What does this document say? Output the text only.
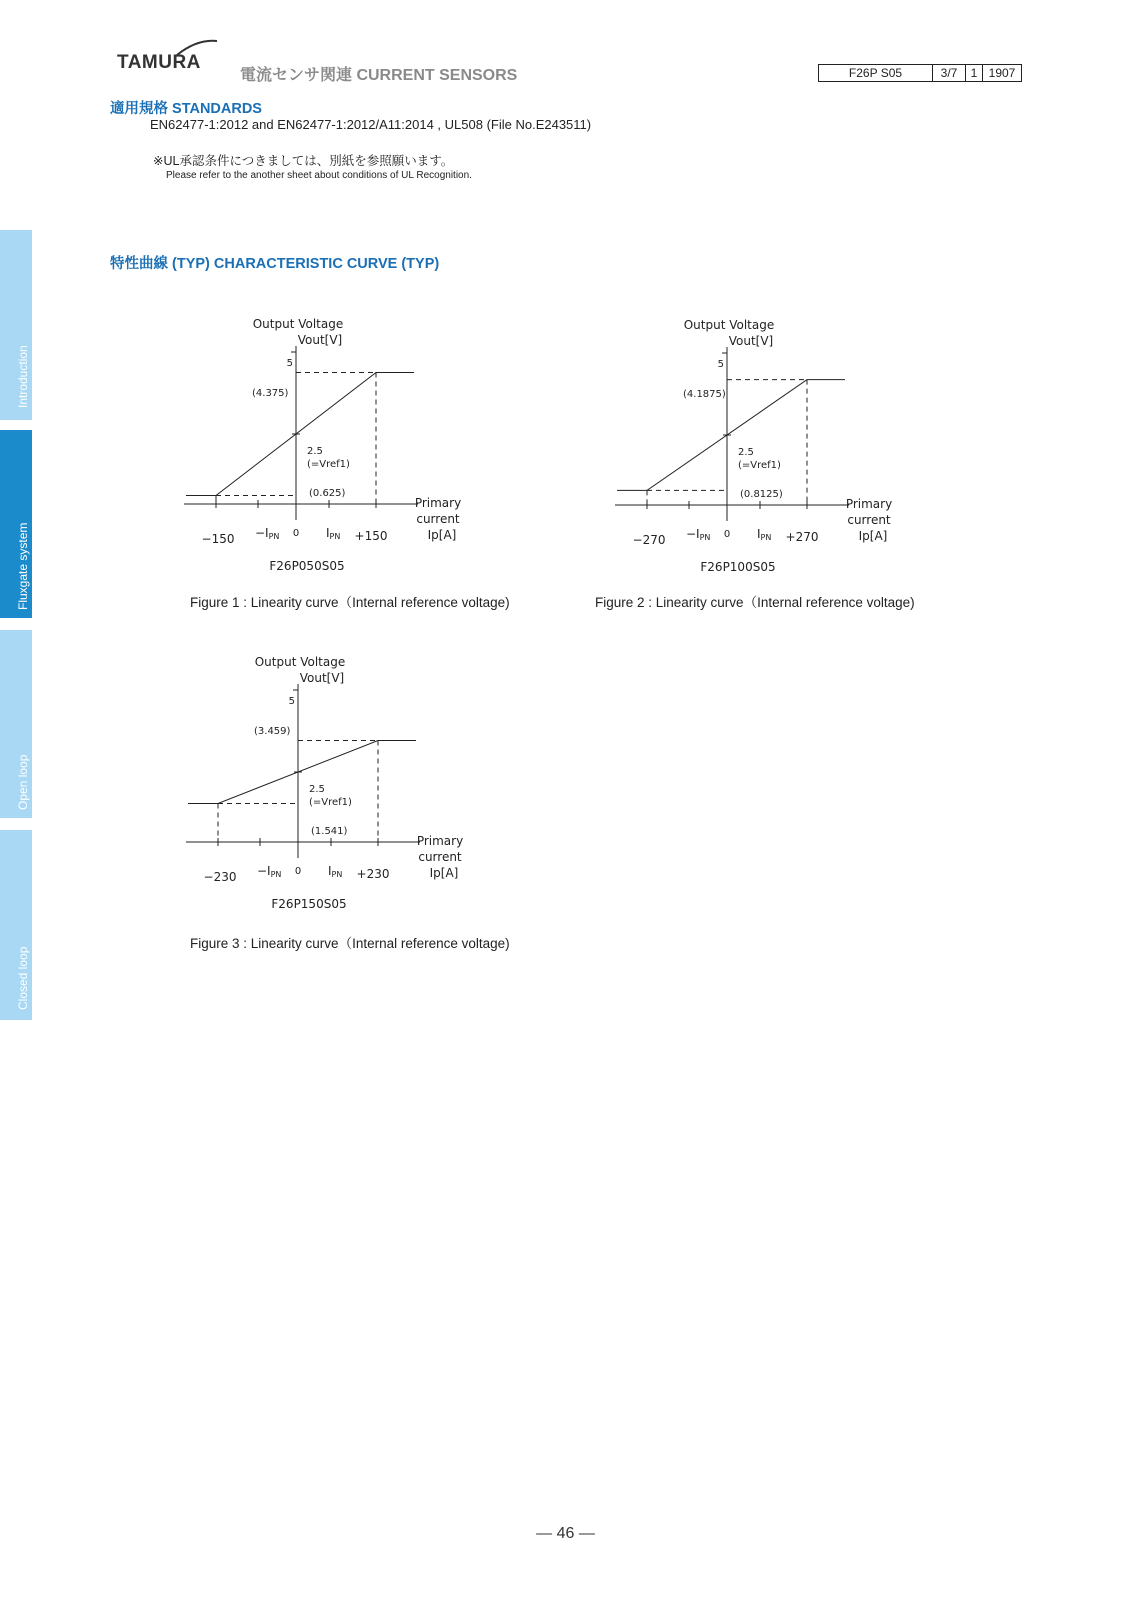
TAMURA
電流センサ関連 CURRENT SENSORS	F26P S05	3/7	1 1907
適用規格 STANDARDS
EN62477-1:2012 and EN62477-1:2012/A11:2014 , UL508 (File No.E243511)
※UL承認条件につきましては、別紙を参照願います。
Please refer to the another sheet about conditions of UL Recognition.
Introduction
Fluxgate system
Open loop
Closed loop
特性曲線 (TYP) CHARACTERISTIC CURVE (TYP)
Output Voltage
Vout[V]
5
(4.375)
2.5
(=Vref1)
(0.625)
Primary
current
Ip[A]
−150	+150
0
−IPN	IPN
F26P050S05
Figure 1 : Linearity curve（Internal reference voltage)
Output Voltage
Vout[V]
5
(4.1875)
2.5
(=Vref1)
(0.8125)
Primary
current
Ip[A]
−270	+270
0
−IPN	IPN
F26P100S05
Figure 2 : Linearity curve（Internal reference voltage)
Output Voltage
Vout[V]
5
(3.459)
2.5
(=Vref1)
(1.541)
Primary
current
Ip[A]
−230	+230
0
−IPN	IPN
F26P150S05
Figure 3 : Linearity curve（Internal reference voltage)
— 46 —
